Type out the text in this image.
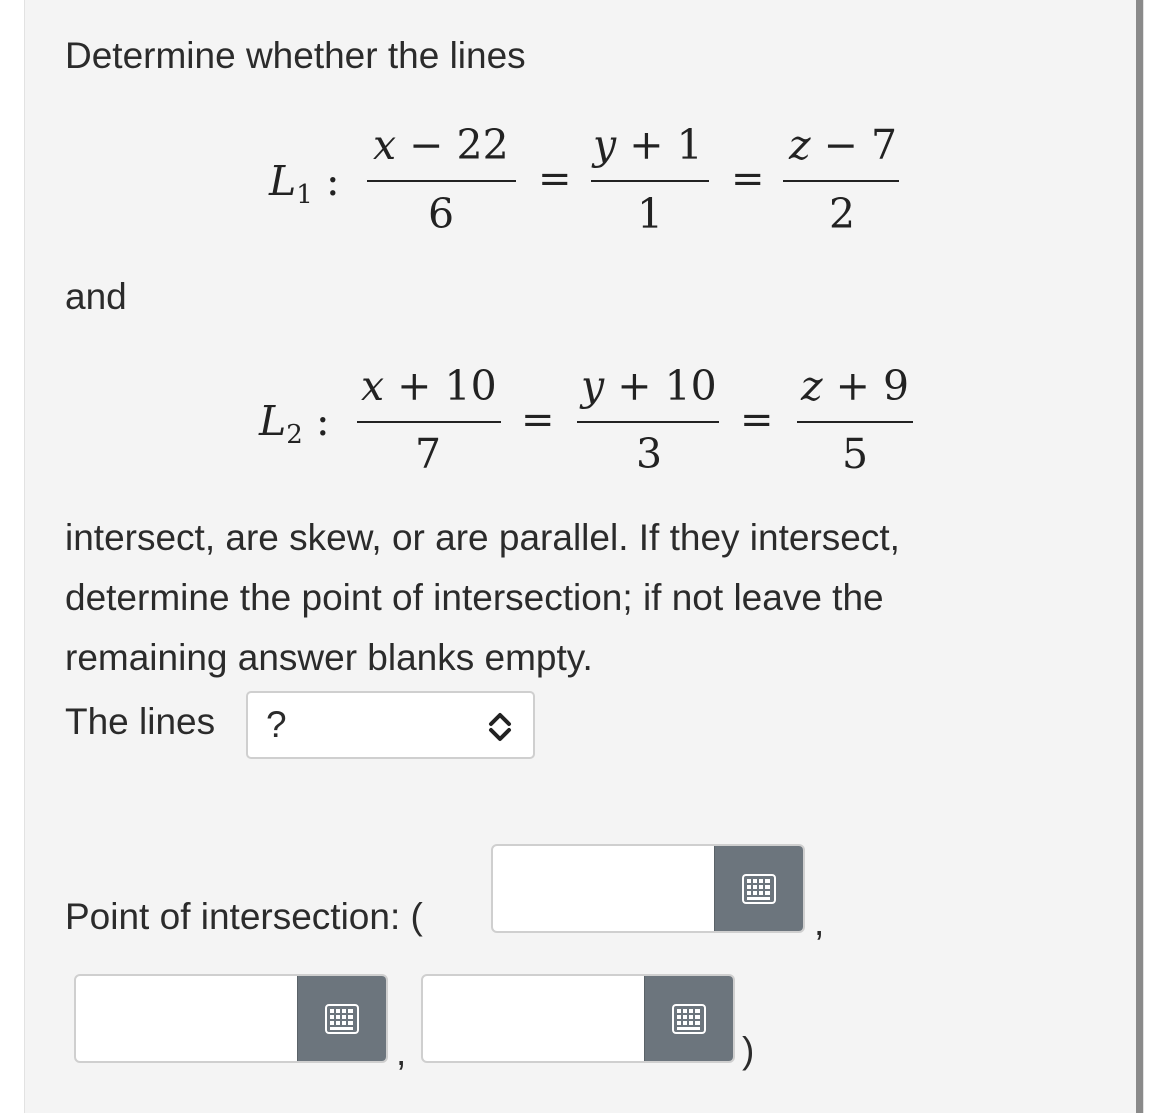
Determine whether the lines
$L_1$ :
x − 22
6
=
y + 1
1
=
z − 7
2
and
$L_2$ :
x + 10
7
=
y + 10
3
=
z + 9
5
intersect, are skew, or are parallel. If they intersect,
determine the point of intersection; if not leave the
remaining answer blanks empty.
The lines
Point of intersection: (
?
,
,	)
